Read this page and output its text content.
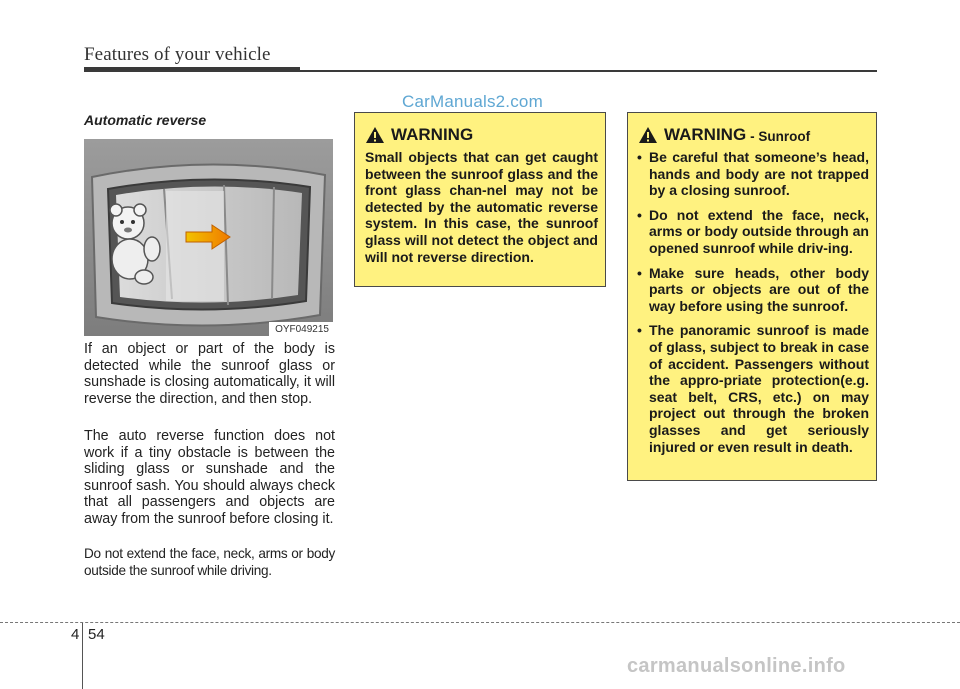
Features of your vehicle
CarManuals2.com
Automatic reverse
OYF049215
If an object or part of the body is detected while the sunroof glass or sunshade is closing automatically, it will reverse the direction, and then stop.
The auto reverse function does not work if a tiny obstacle is between the sliding glass or sunshade and the sunroof sash. You should always check that all passengers and objects are away from the sunroof before closing it.
Do not extend the face, neck, arms or body outside the sunroof while driving.
WARNING
Small objects that can get caught between the sunroof glass and the front glass chan-nel may not be detected by the automatic reverse system. In this case, the sunroof glass will not detect the object and will not reverse direction.
WARNING - Sunroof
• Be careful that someone’s head, hands and body are not trapped by a closing sunroof.
• Do not extend the face, neck, arms or body outside through an opened sunroof while driv-ing.
• Make sure heads, other body parts or objects are out of the way before using the sunroof.
• The panoramic sunroof is made of glass, subject to break in case of accident. Passengers without the appro-priate protection(e.g. seat belt, CRS, etc.) on may project out through the broken glasses and get seriously injured or even result in death.
4 54
carmanualsonline.info
